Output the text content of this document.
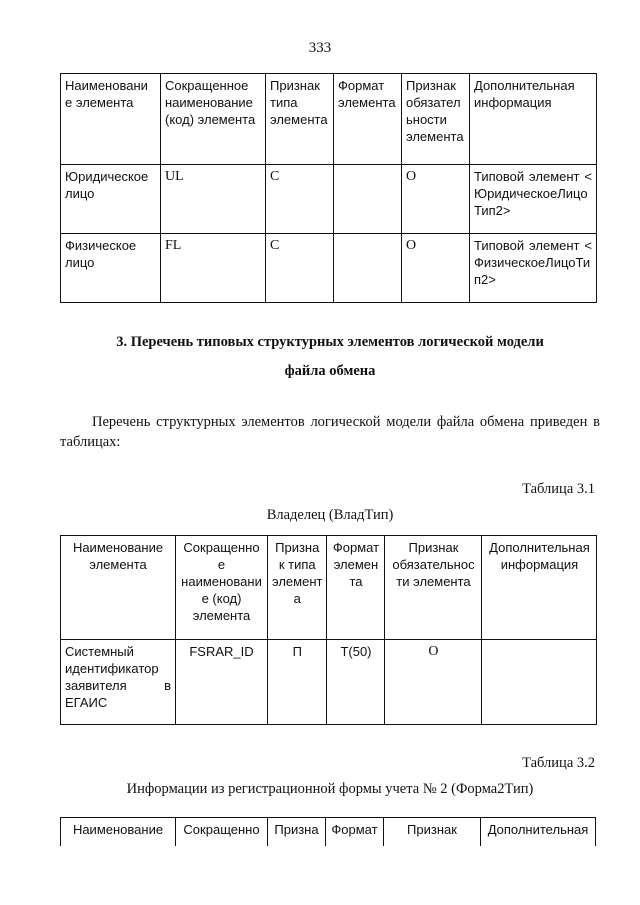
333
Наименовани е элемента	Сокращенное наименование (код) элемента	Признак типа элемента	Формат элемента	Признак обязател ьности элемента	Дополнительная информация
Юридическое лицо	UL	С		О	Типовой элемент < ЮридическоеЛицо Тип2>
Физическое лицо	FL	С		О	Типовой элемент < ФизическоеЛицоТи п2>
3. Перечень типовых структурных элементов логической модели
файла обмена
Перечень структурных элементов логической модели файла обмена приведен в таблицах:
Таблица 3.1
Владелец (ВладТип)
Наименование элемента	Сокращенно е наименовани е (код) элемента	Призна к типа элемент а	Формат элемен та	Признак обязательнос ти элемента	Дополнительная информация
Системный идентификатор заявителя в ЕГАИС	FSRAR_ID	П	T(50)	О	
Таблица 3.2
Информации из регистрационной формы учета № 2 (Форма2Тип)
Наименование	Сокращенно	Призна	Формат	Признак	Дополнительная
